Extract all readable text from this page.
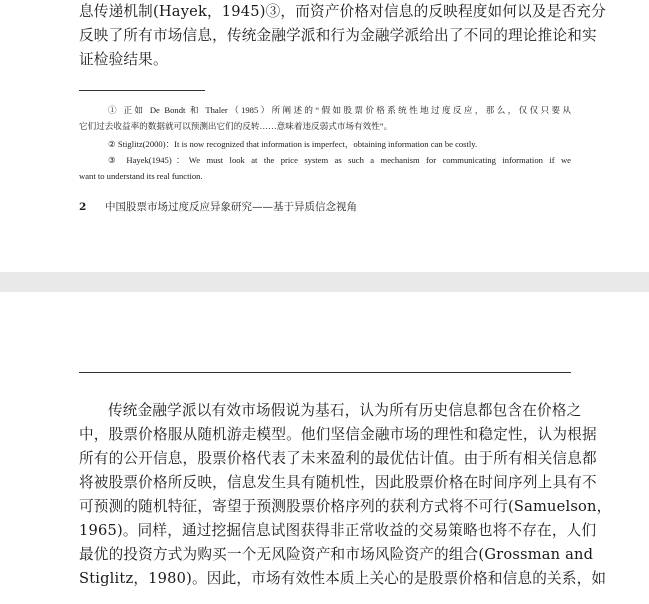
息传递机制(Hayek，1945)③，而资产价格对信息的反映程度如何以及是否充分
反映了所有市场信息，传统金融学派和行为金融学派给出了不同的理论推论和实
证检验结果。
① 正如 De Bondt 和 Thaler（1985）所阐述的“假如股票价格系统性地过度反应，那么，仅仅只要从
它们过去收益率的数据就可以预测出它们的反转……意味着违反弱式市场有效性”。
② Stiglitz(2000)：It is now recognized that information is imperfect，obtaining information can be costly.
③ Hayek(1945)：We must look at the price system as such a mechanism for communicating information if we
want to understand its real function.
2 中国股票市场过度反应异象研究——基于异质信念视角
传统金融学派以有效市场假说为基石，认为所有历史信息都包含在价格之
中，股票价格服从随机游走模型。他们坚信金融市场的理性和稳定性，认为根据
所有的公开信息，股票价格代表了未来盈利的最优估计值。由于所有相关信息都
将被股票价格所反映，信息发生具有随机性，因此股票价格在时间序列上具有不
可预测的随机特征，寄望于预测股票价格序列的获利方式将不可行(Samuelson，
1965)。同样，通过挖掘信息试图获得非正常收益的交易策略也将不存在，人们
最优的投资方式为购买一个无风险资产和市场风险资产的组合(Grossman and
Stiglitz，1980)。因此，市场有效性本质上关心的是股票价格和信息的关系，如
